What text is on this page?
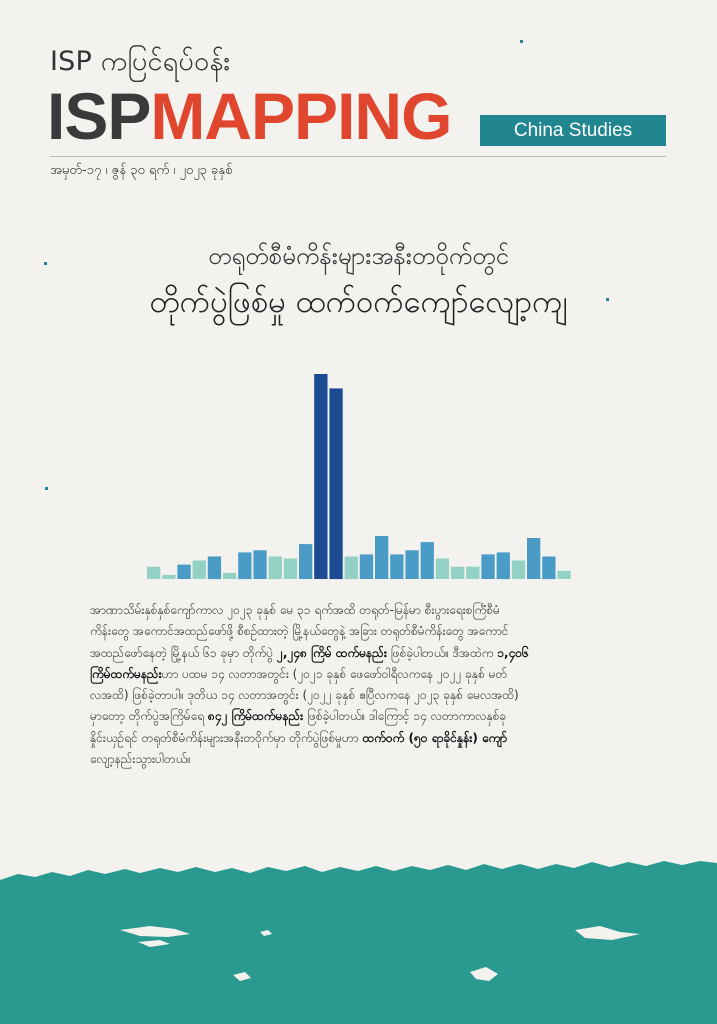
ISP ကပြင်ရပ်ဝန်း
ISPMAPPING	China Studies
အမှတ်-၁၇ ၊ ဇွန် ၃၀ ရက် ၊ ၂၀၂၃ ခုနှစ်
တရုတ်စီမံကိန်းများအနီးတဝိုက်တွင်
တိုက်ပွဲဖြစ်မှု ထက်ဝက်ကျော်လျော့ကျ
အာဏာသိမ်းနှစ်နှစ်ကျော်ကာလ ၂၀၂၃ ခုနှစ် မေ ၃၁ ရက်အထိ တရုတ်-မြန်မာ စီးပွားရေးစင်္ကြံစီမံ
ကိန်းတွေ အကောင်အထည်ဖော်ဖို့ စီစဉ်ထားတဲ့ မြို့နယ်တွေနဲ့ အခြား တရုတ်စီမံကိန်းတွေ အကောင်
အထည်ဖော်နေတဲ့ မြို့နယ် ၆၁ ခုမှာ တိုက်ပွဲ ၂,၂၄၈ ကြိမ် ထက်မနည်း ဖြစ်ခဲ့ပါတယ်။ ဒီအထဲက ၁,၄၀၆
ကြိမ်ထက်မနည်းဟာ ပထမ ၁၄ လတာအတွင်း (၂၀၂၁ ခုနှစ် ဖေဖော်ဝါရီလကနေ ၂၀၂၂ ခုနှစ် မတ်
လအထိ) ဖြစ်ခဲ့တာပါ။ ဒုတိယ ၁၄ လတာအတွင်း (၂၀၂၂ ခုနှစ် ဧပြီလကနေ ၂၀၂၃ ခုနှစ် မေလအထိ)
မှာတော့ တိုက်ပွဲအကြိမ်ရေ ၈၄၂ ကြိမ်ထက်မနည်း ဖြစ်ခဲ့ပါတယ်။ ဒါကြောင့် ၁၄ လတာကာလနှစ်ခု
နှိုင်းယှဉ်ရင် တရုတ်စီမံကိန်းများအနီးတဝိုက်မှာ တိုက်ပွဲဖြစ်မှုဟာ ထက်ဝက် (၅၀ ရာခိုင်နှုန်း) ကျော်
လျော့နည်းသွားပါတယ်။
